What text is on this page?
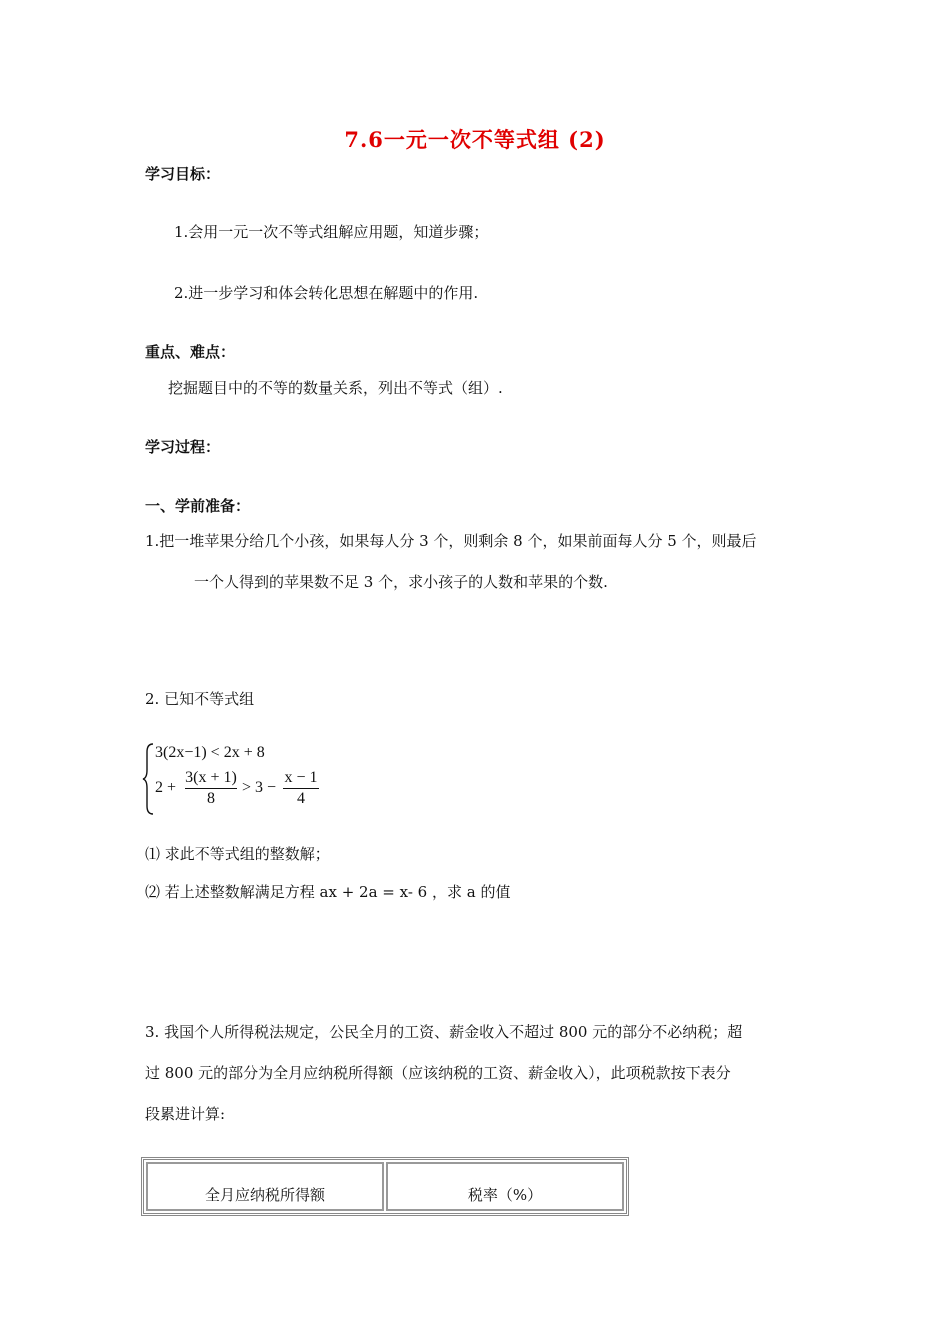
7.6一元一次不等式组 (2)
学习目标：
1.会用一元一次不等式组解应用题，知道步骤；
2.进一步学习和体会转化思想在解题中的作用.
重点、难点：
挖掘题目中的不等的数量关系，列出不等式（组）.
学习过程：
一、学前准备：
1.把一堆苹果分给几个小孩，如果每人分 3 个，则剩余 8 个，如果前面每人分 5 个，则最后
一个人得到的苹果数不足 3 个，求小孩子的人数和苹果的个数.
2. 已知不等式组
3(2x−1) < 2x + 8
2 +
3(x + 1)
8
> 3 −
x − 1
4
⑴ 求此不等式组的整数解；
⑵ 若上述整数解满足方程 ax + 2a = x- 6 ，求 a 的值
3. 我国个人所得税法规定，公民全月的工资、薪金收入不超过 800 元的部分不必纳税；超
过 800 元的部分为全月应纳税所得额（应该纳税的工资、薪金收入），此项税款按下表分
段累进计算:
全月应纳税所得额	税率（%）
